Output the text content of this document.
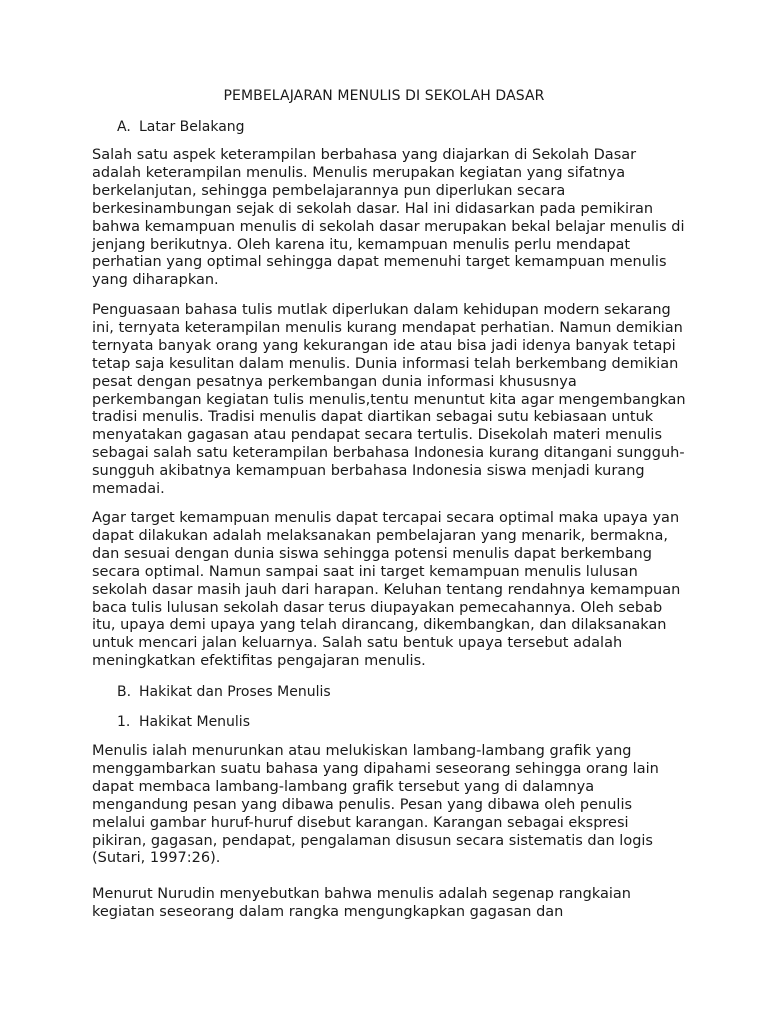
PEMBELAJARAN MENULIS DI SEKOLAH DASAR
A. Latar Belakang
Salah satu aspek keterampilan berbahasa yang diajarkan di Sekolah Dasar
adalah keterampilan menulis. Menulis merupakan kegiatan yang sifatnya
berkelanjutan, sehingga pembelajarannya pun diperlukan secara
berkesinambungan sejak di sekolah dasar. Hal ini didasarkan pada pemikiran
bahwa kemampuan menulis di sekolah dasar merupakan bekal belajar menulis di
jenjang berikutnya. Oleh karena itu, kemampuan menulis perlu mendapat
perhatian yang optimal sehingga dapat memenuhi target kemampuan menulis
yang diharapkan.
Penguasaan bahasa tulis mutlak diperlukan dalam kehidupan modern sekarang
ini, ternyata keterampilan menulis kurang mendapat perhatian. Namun demikian
ternyata banyak orang yang kekurangan ide atau bisa jadi idenya banyak tetapi
tetap saja kesulitan dalam menulis. Dunia informasi telah berkembang demikian
pesat dengan pesatnya perkembangan dunia informasi khususnya
perkembangan kegiatan tulis menulis,tentu menuntut kita agar mengembangkan
tradisi menulis. Tradisi menulis dapat diartikan sebagai sutu kebiasaan untuk
menyatakan gagasan atau pendapat secara tertulis. Disekolah materi menulis
sebagai salah satu keterampilan berbahasa Indonesia kurang ditangani sungguh-
sungguh akibatnya kemampuan berbahasa Indonesia siswa menjadi kurang
memadai.
Agar target kemampuan menulis dapat tercapai secara optimal maka upaya yan
dapat dilakukan adalah melaksanakan pembelajaran yang menarik, bermakna,
dan sesuai dengan dunia siswa sehingga potensi menulis dapat berkembang
secara optimal. Namun sampai saat ini target kemampuan menulis lulusan
sekolah dasar masih jauh dari harapan. Keluhan tentang rendahnya kemampuan
baca tulis lulusan sekolah dasar terus diupayakan pemecahannya. Oleh sebab
itu, upaya demi upaya yang telah dirancang, dikembangkan, dan dilaksanakan
untuk mencari jalan keluarnya. Salah satu bentuk upaya tersebut adalah
meningkatkan efektifitas pengajaran menulis.
B. Hakikat dan Proses Menulis
1. Hakikat Menulis
Menulis ialah menurunkan atau melukiskan lambang-lambang grafik yang
menggambarkan suatu bahasa yang dipahami seseorang sehingga orang lain
dapat membaca lambang-lambang grafik tersebut yang di dalamnya
mengandung pesan yang dibawa penulis. Pesan yang dibawa oleh penulis
melalui gambar huruf-huruf disebut karangan. Karangan sebagai ekspresi
pikiran, gagasan, pendapat, pengalaman disusun secara sistematis dan logis
(Sutari, 1997:26).
Menurut Nurudin menyebutkan bahwa menulis adalah segenap rangkaian
kegiatan seseorang dalam rangka mengungkapkan gagasan dan
